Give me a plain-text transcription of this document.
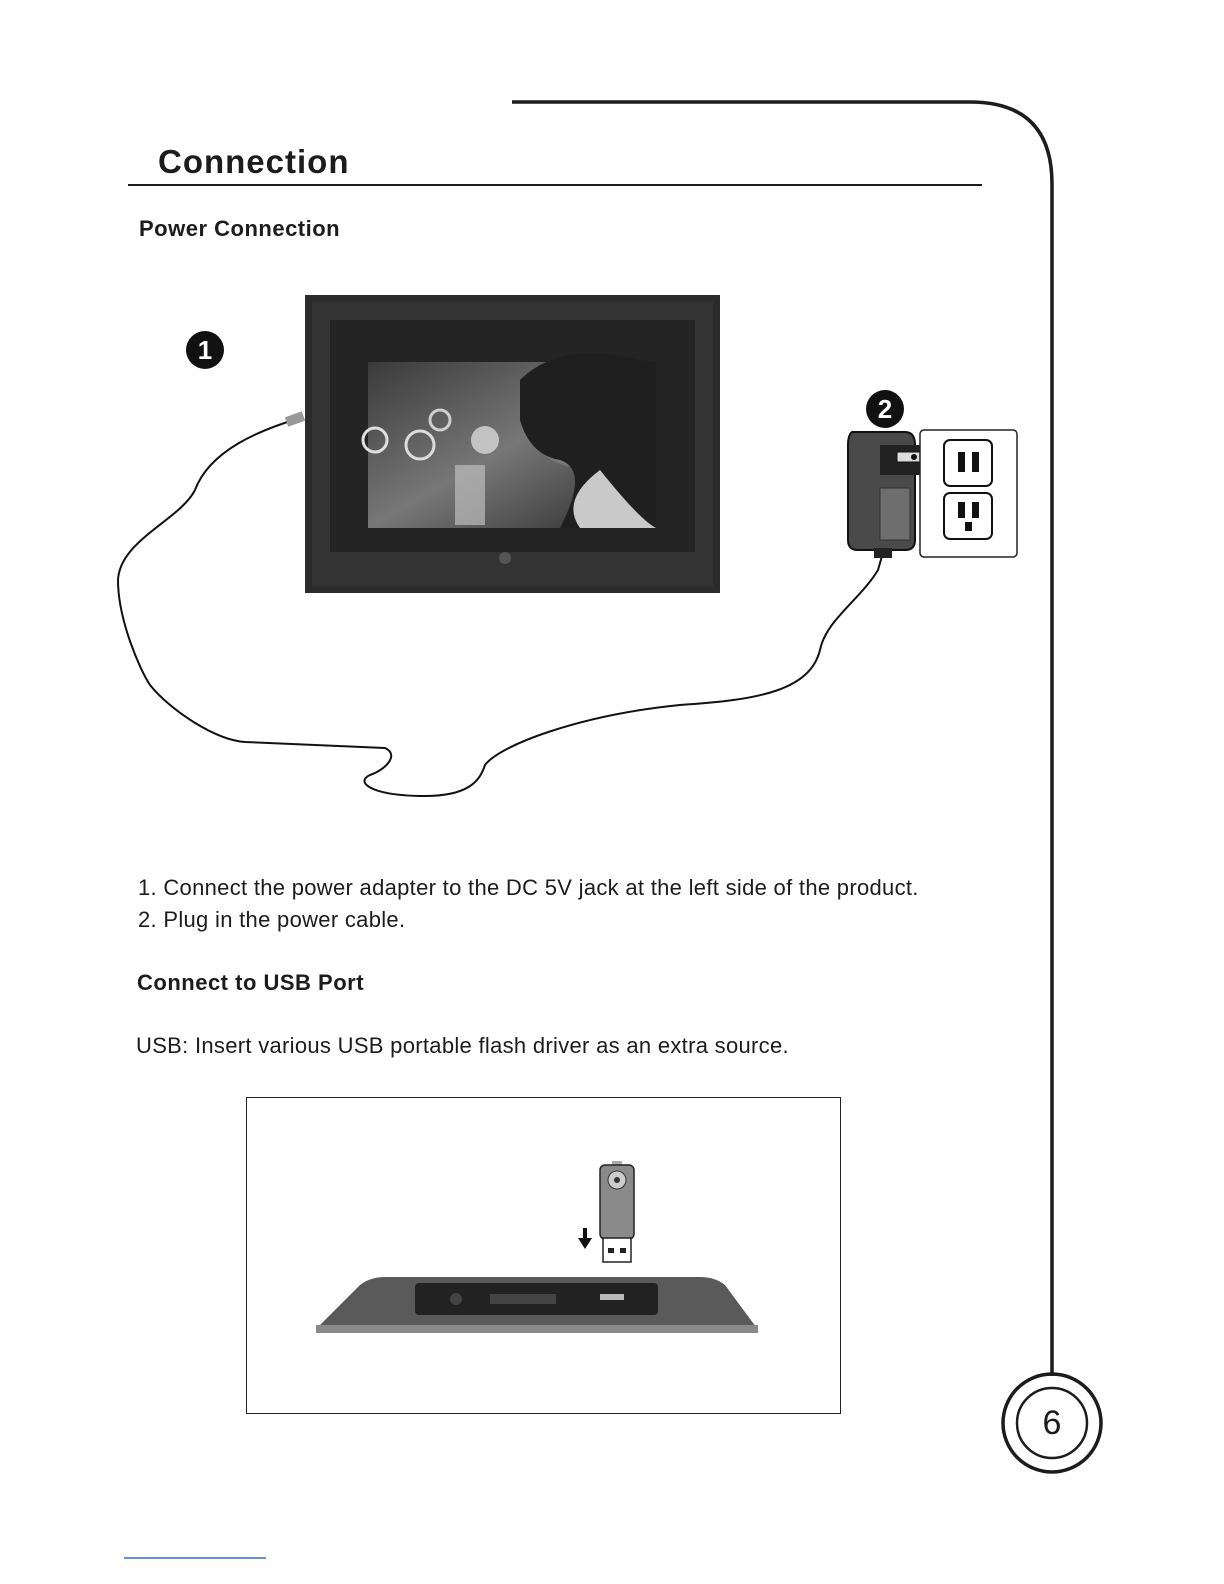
Connection
Power Connection
1
2
1. Connect the power adapter to the DC 5V jack at the left side of the product.
2. Plug in the power cable.
Connect to USB Port

USB: Insert various USB portable flash driver as an extra source.

6
